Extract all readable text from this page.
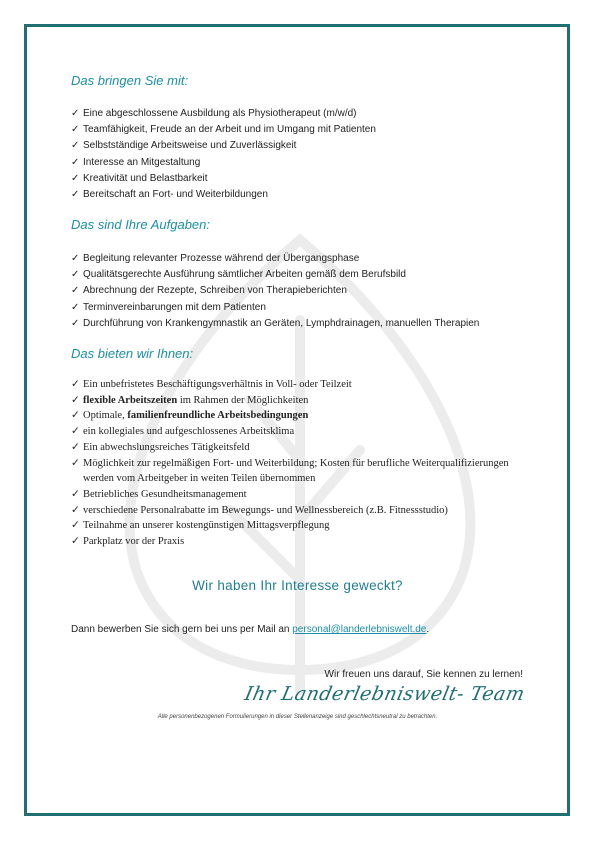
Das bringen Sie mit:
✓ Eine abgeschlossene Ausbildung als Physiotherapeut (m/w/d)
✓ Teamfähigkeit, Freude an der Arbeit und im Umgang mit Patienten
✓ Selbstständige Arbeitsweise und Zuverlässigkeit
✓ Interesse an Mitgestaltung
✓ Kreativität und Belastbarkeit
✓ Bereitschaft an Fort- und Weiterbildungen
Das sind Ihre Aufgaben:
✓ Begleitung relevanter Prozesse während der Übergangsphase
✓ Qualitätsgerechte Ausführung sämtlicher Arbeiten gemäß dem Berufsbild
✓ Abrechnung der Rezepte, Schreiben von Therapieberichten
✓ Terminvereinbarungen mit dem Patienten
✓ Durchführung von Krankengymnastik an Geräten, Lymphdrainagen, manuellen Therapien
Das bieten wir Ihnen:
✓ Ein unbefristetes Beschäftigungsverhältnis in Voll- oder Teilzeit
✓ flexible Arbeitszeiten im Rahmen der Möglichkeiten
✓ Optimale, familienfreundliche Arbeitsbedingungen
✓ ein kollegiales und aufgeschlossenes Arbeitsklima
✓ Ein abwechslungsreiches Tätigkeitsfeld
✓ Möglichkeit zur regelmäßigen Fort- und Weiterbildung; Kosten für berufliche Weiterqualifizierungen werden vom Arbeitgeber in weiten Teilen übernommen
✓ Betriebliches Gesundheitsmanagement
✓ verschiedene Personalrabatte im Bewegungs- und Wellnessbereich (z.B. Fitnessstudio)
✓ Teilnahme an unserer kostengünstigen Mittagsverpflegung
✓ Parkplatz vor der Praxis
Wir haben Ihr Interesse geweckt?
Dann bewerben Sie sich gern bei uns per Mail an personal@landerlebniswelt.de.
Wir freuen uns darauf, Sie kennen zu lernen!
Ihr Landerlebniswelt- Team
Alle personenbezogenen Formulierungen in dieser Stellenanzeige sind geschlechtsneutral zu betrachten.
